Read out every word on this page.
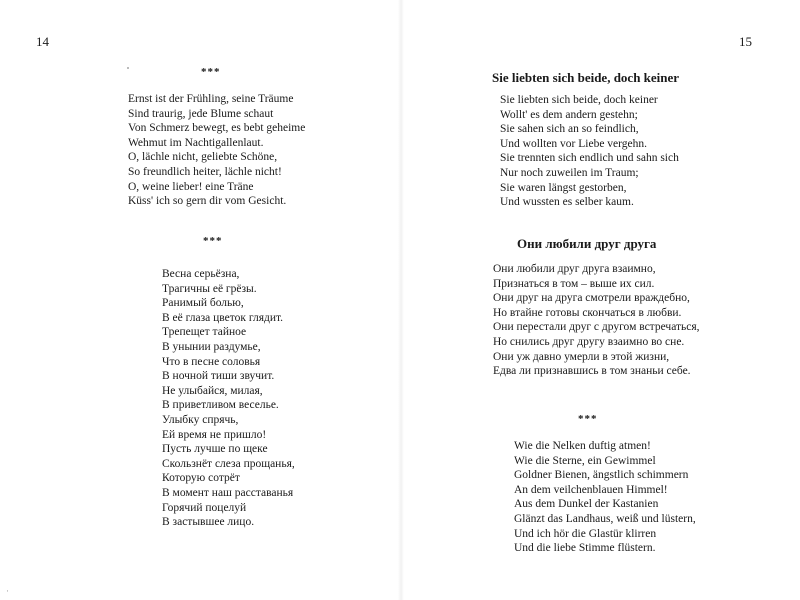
·
14
***
Ernst ist der Frühling, seine Träume
Sind traurig, jede Blume schaut
Von Schmerz bewegt, es bebt geheime
Wehmut im Nachtigallenlaut.
O, lächle nicht, geliebte Schöne,
So freundlich heiter, lächle nicht!
O, weine lieber! eine Träne
Küss' ich so gern dir vom Gesicht.
***
Весна серьёзна,
Трагичны её грёзы.
Ранимый болью,
В её глаза цветок глядит.
Трепещет тайное
В унынии раздумье,
Что в песне соловья
В ночной тиши звучит.
Не улыбайся, милая,
В приветливом веселье.
Улыбку спрячь,
Ей время не пришло!
Пусть лучше по щеке
Скользнёт слеза прощанья,
Которую сотрёт
В момент наш расставанья
Горячий поцелуй
В застывшее лицо.
15
Sie liebten sich beide, doch keiner
Sie liebten sich beide, doch keiner
Wollt' es dem andern gestehn;
Sie sahen sich an so feindlich,
Und wollten vor Liebe vergehn.
Sie trennten sich endlich und sahn sich
Nur noch zuweilen im Traum;
Sie waren längst gestorben,
Und wussten es selber kaum.
Они любили друг друга
Они любили друг друга взаимно,
Признаться в том – выше их сил.
Они друг на друга смотрели враждебно,
Но втайне готовы скончаться в любви.
Они перестали друг с другом встречаться,
Но снились друг другу взаимно во сне.
Они уж давно умерли в этой жизни,
Едва ли признавшись в том знаньи себе.
***
Wie die Nelken duftig atmen!
Wie die Sterne, ein Gewimmel
Goldner Bienen, ängstlich schimmern
An dem veilchenblauen Himmel!
Aus dem Dunkel der Kastanien
Glänzt das Landhaus, weiß und lüstern,
Und ich hör die Glastür klirren
Und die liebe Stimme flüstern.
